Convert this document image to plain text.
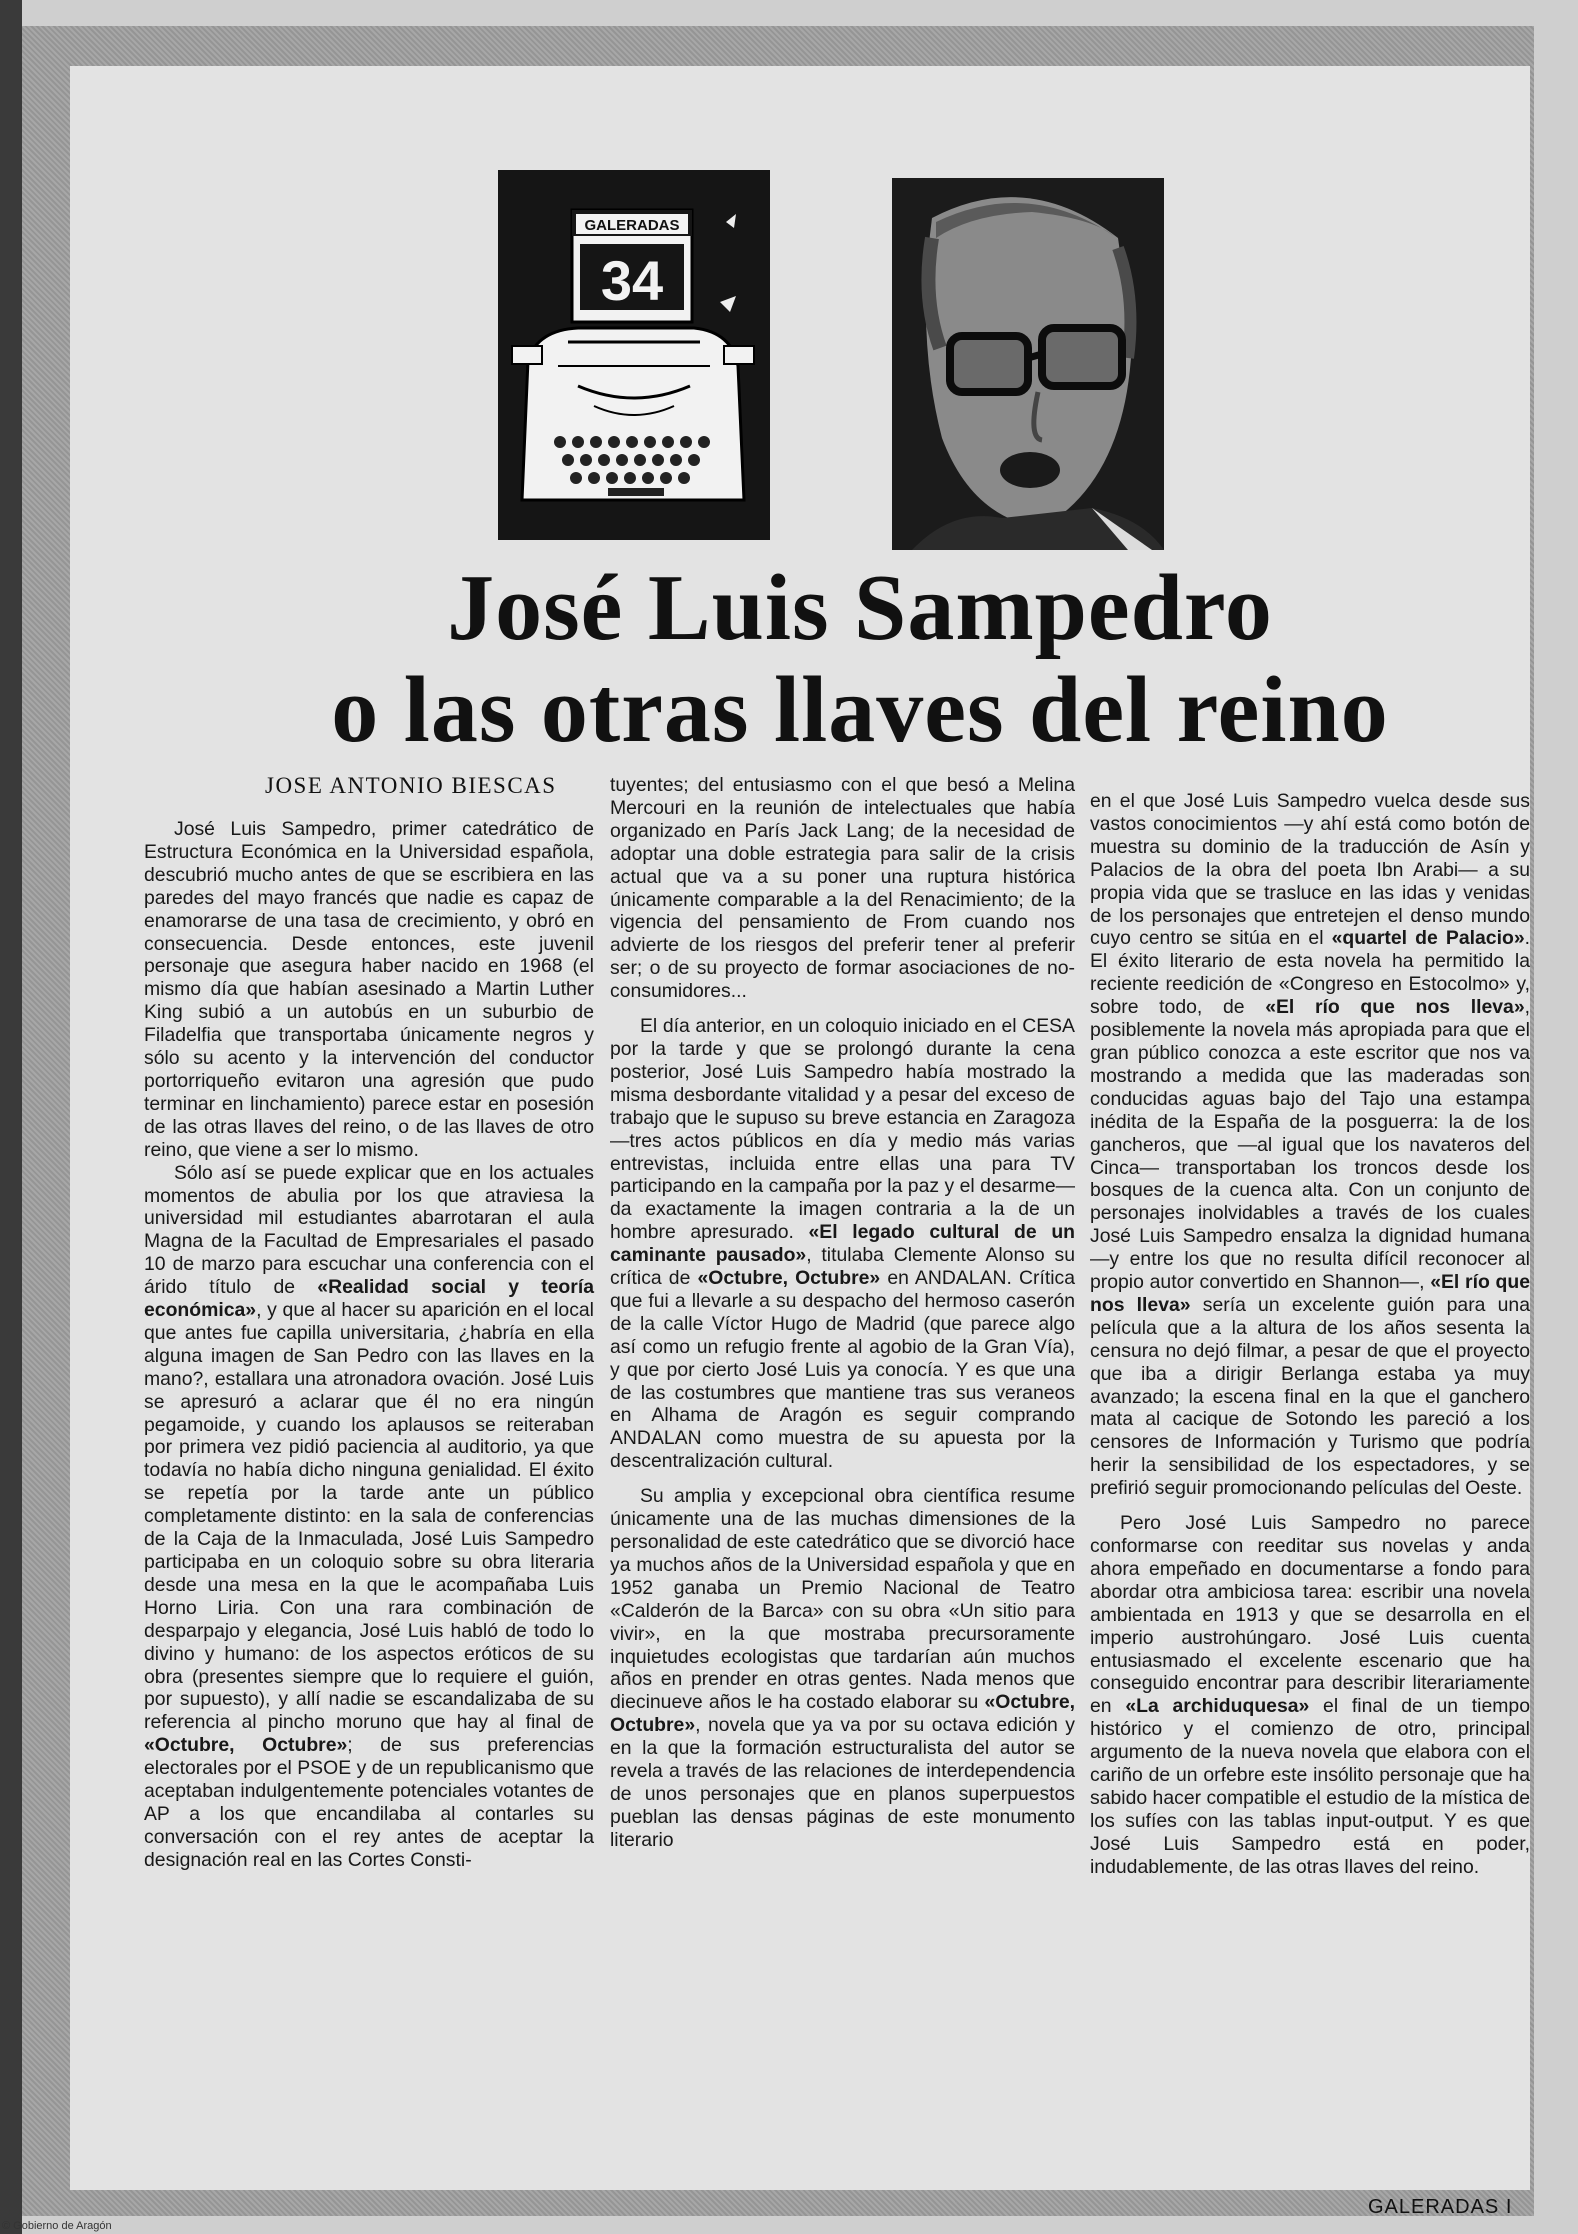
GALERADAS
34
José Luis Sampedro
o las otras llaves del reino
JOSE ANTONIO BIESCAS

José Luis Sampedro, primer catedrático de Estructura Económica en la Universidad española, descubrió mucho antes de que se escribiera en las paredes del mayo francés que nadie es capaz de enamorarse de una tasa de crecimiento, y obró en consecuencia. Desde entonces, este juvenil personaje que asegura haber nacido en 1968 (el mismo día que habían asesinado a Martin Luther King subió a un autobús en un suburbio de Filadelfia que transportaba únicamente negros y sólo su acento y la intervención del conductor portorriqueño evitaron una agresión que pudo terminar en linchamiento) parece estar en posesión de las otras llaves del reino, o de las llaves de otro reino, que viene a ser lo mismo.

Sólo así se puede explicar que en los actuales momentos de abulia por los que atraviesa la universidad mil estudiantes abarrotaran el aula Magna de la Facultad de Empresariales el pasado 10 de marzo para escuchar una conferencia con el árido título de «Realidad social y teoría económica», y que al hacer su aparición en el local que antes fue capilla universitaria, ¿habría en ella alguna imagen de San Pedro con las llaves en la mano?, estallara una atronadora ovación. José Luis se apresuró a aclarar que él no era ningún pegamoide, y cuando los aplausos se reiteraban por primera vez pidió paciencia al auditorio, ya que todavía no había dicho ninguna genialidad. El éxito se repetía por la tarde ante un público completamente distinto: en la sala de conferencias de la Caja de la Inmaculada, José Luis Sampedro participaba en un coloquio sobre su obra literaria desde una mesa en la que le acompañaba Luis Horno Liria. Con una rara combinación de desparpajo y elegancia, José Luis habló de todo lo divino y humano: de los aspectos eróticos de su obra (presentes siempre que lo requiere el guión, por supuesto), y allí nadie se escandalizaba de su referencia al pincho moruno que hay al final de «Octubre, Octubre»; de sus preferencias electorales por el PSOE y de un republicanismo que aceptaban indulgentemente potenciales votantes de AP a los que encandilaba al contarles su conversación con el rey antes de aceptar la designación real en las Cortes Consti-

tuyentes; del entusiasmo con el que besó a Melina Mercouri en la reunión de intelectuales que había organizado en París Jack Lang; de la necesidad de adoptar una doble estrategia para salir de la crisis actual que va a su poner una ruptura histórica únicamente comparable a la del Renacimiento; de la vigencia del pensamiento de From cuando nos advierte de los riesgos del preferir tener al preferir ser; o de su proyecto de formar asociaciones de no-consumidores...

El día anterior, en un coloquio iniciado en el CESA por la tarde y que se prolongó durante la cena posterior, José Luis Sampedro había mostrado la misma desbordante vitalidad y a pesar del exceso de trabajo que le supuso su breve estancia en Zaragoza —tres actos públicos en día y medio más varias entrevistas, incluida entre ellas una para TV participando en la campaña por la paz y el desarme— da exactamente la imagen contraria a la de un hombre apresurado. «El legado cultural de un caminante pausado», titulaba Clemente Alonso su crítica de «Octubre, Octubre» en ANDALAN. Crítica que fui a llevarle a su despacho del hermoso caserón de la calle Víctor Hugo de Madrid (que parece algo así como un refugio frente al agobio de la Gran Vía), y que por cierto José Luis ya conocía. Y es que una de las costumbres que mantiene tras sus veraneos en Alhama de Aragón es seguir comprando ANDALAN como muestra de su apuesta por la descentralización cultural.

Su amplia y excepcional obra científica resume únicamente una de las muchas dimensiones de la personalidad de este catedrático que se divorció hace ya muchos años de la Universidad española y que en 1952 ganaba un Premio Nacional de Teatro «Calderón de la Barca» con su obra «Un sitio para vivir», en la que mostraba precursoramente inquietudes ecologistas que tardarían aún muchos años en prender en otras gentes. Nada menos que diecinueve años le ha costado elaborar su «Octubre, Octubre», novela que ya va por su octava edición y en la que la formación estructuralista del autor se revela a través de las relaciones de interdependencia de unos personajes que en planos superpuestos pueblan las densas páginas de este monumento literario

en el que José Luis Sampedro vuelca desde sus vastos conocimientos —y ahí está como botón de muestra su dominio de la traducción de Asín y Palacios de la obra del poeta Ibn Arabi— a su propia vida que se trasluce en las idas y venidas de los personajes que entretejen el denso mundo cuyo centro se sitúa en el «quartel de Palacio». El éxito literario de esta novela ha permitido la reciente reedición de «Congreso en Estocolmo» y, sobre todo, de «El río que nos lleva», posiblemente la novela más apropiada para que el gran público conozca a este escritor que nos va mostrando a medida que las maderadas son conducidas aguas bajo del Tajo una estampa inédita de la España de la posguerra: la de los gancheros, que —al igual que los navateros del Cinca— transportaban los troncos desde los bosques de la cuenca alta. Con un conjunto de personajes inolvidables a través de los cuales José Luis Sampedro ensalza la dignidad humana —y entre los que no resulta difícil reconocer al propio autor convertido en Shannon—, «El río que nos lleva» sería un excelente guión para una película que a la altura de los años sesenta la censura no dejó filmar, a pesar de que el proyecto que iba a dirigir Berlanga estaba ya muy avanzado; la escena final en la que el ganchero mata al cacique de Sotondo les pareció a los censores de Información y Turismo que podría herir la sensibilidad de los espectadores, y se prefirió seguir promocionando películas del Oeste.

Pero José Luis Sampedro no parece conformarse con reeditar sus novelas y anda ahora empeñado en documentarse a fondo para abordar otra ambiciosa tarea: escribir una novela ambientada en 1913 y que se desarrolla en el imperio austrohúngaro. José Luis cuenta entusiasmado el excelente escenario que ha conseguido encontrar para describir literariamente en «La archiduquesa» el final de un tiempo histórico y el comienzo de otro, principal argumento de la nueva novela que elabora con el cariño de un orfebre este insólito personaje que ha sabido hacer compatible el estudio de la mística de los sufíes con las tablas input-output. Y es que José Luis Sampedro está en poder, indudablemente, de las otras llaves del reino.

GALERADAS I
© Gobierno de Aragón
